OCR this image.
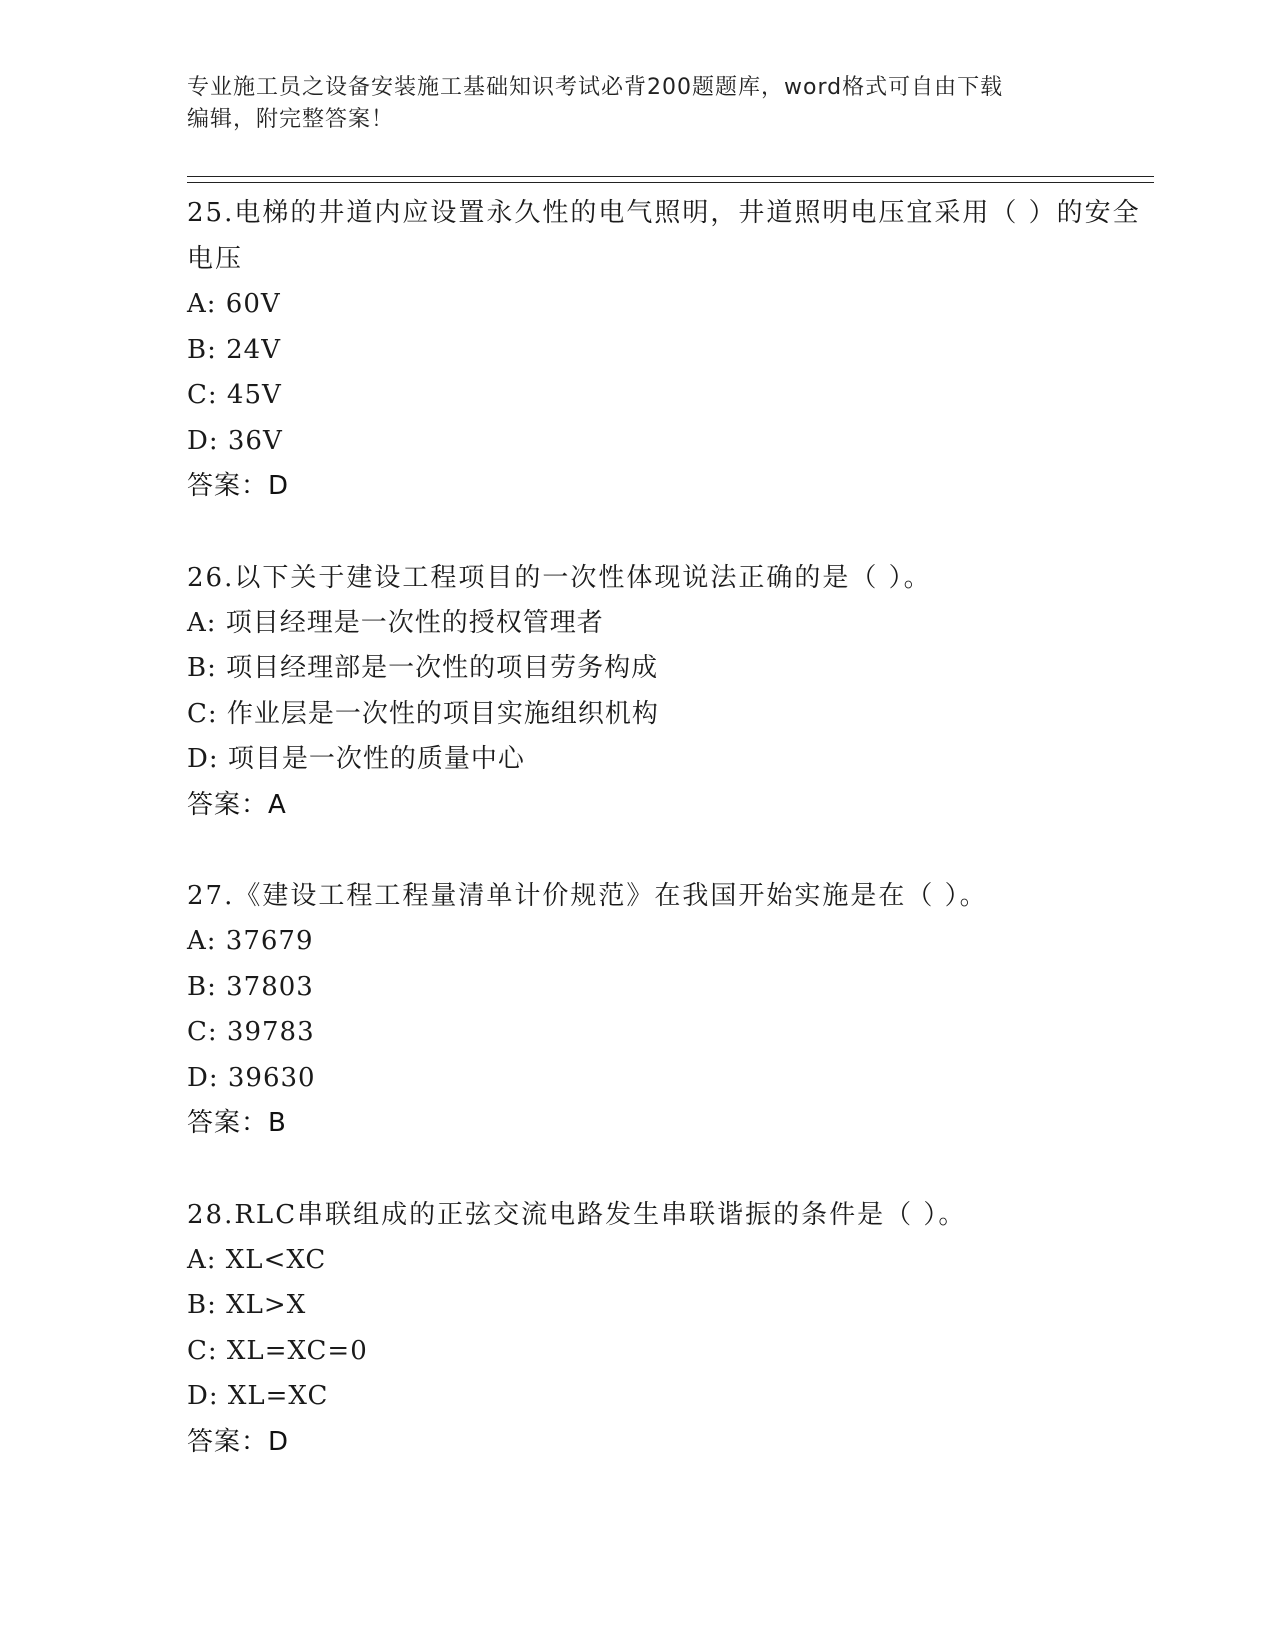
专业施工员之设备安装施工基础知识考试必背200题题库，word格式可自由下载
编辑，附完整答案！
25.电梯的井道内应设置永久性的电气照明，井道照明电压宜采用（ ）的安全电压
A: 60V
B: 24V
C: 45V
D: 36V
答案：D
26.以下关于建设工程项目的一次性体现说法正确的是（ ）。
A: 项目经理是一次性的授权管理者
B: 项目经理部是一次性的项目劳务构成
C: 作业层是一次性的项目实施组织机构
D: 项目是一次性的质量中心
答案：A
27.《建设工程工程量清单计价规范》在我国开始实施是在（ ）。
A: 37679
B: 37803
C: 39783
D: 39630
答案：B
28.RLC串联组成的正弦交流电路发生串联谐振的条件是（ ）。
A: XL<XC
B: XL>X
C: XL=XC=0
D: XL=XC
答案：D
